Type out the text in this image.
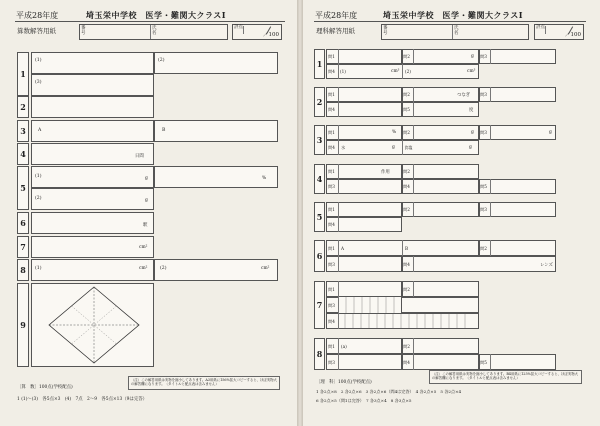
平成28年度	埼玉栄中学校　医学・難関大クラスⅠ
算数解答用紙	番号
氏名
評点
／100
1
(1)	(2)
(3)
2
3	A	B
4	日間
5
(1)	g	%
(2)	g
駅
6
7	cm²
8	(1)	cm²	(2)	cm²
9
（注）この解答用紙は実物を縮小してあります。A3用紙に156%拡大コピーすると、ほぼ実物大の解答欄になります。（タイトルと配点表は含みません）
〔算　数〕100点(学校配点)
1 (1)～(3)　各5点×3　(4)　7点　2～9　各5点×13（9は完答）
平成28年度	埼玉栄中学校　医学・難関大クラスⅠ
理科解答用紙	番号
氏名
評点
／100
1
問1	問2	g 問3
問4 (1)	cm³ (2)	cm³
2
問1	問2	つなぎ 問3
問4	問5	度
3
問1	% 問2	g 問3	g
問4 水	g 食塩	g
4
問1	作用	問2
問3	問4	問5
5
問1	問2	問3
問4
6
問1 A	B	問2
問3	問4	レンズ
7
問1	問2
問3
問4
8
問1 (a)	問2
問3	問4	問5
（注）この解答用紙は実物を縮小してあります。B4用紙に125%拡大コピーすると、ほぼ実物大の解答欄になります。（タイトルと配点表は含みません）
〔理　科〕100点(学校配点)
1 各2点×8　2 各2点×6　3 各2点×6（問4は完答）　4 各2点×5　5 各2点×4
6 各2点×5（問1は完答）　7 各3点×4　8 各3点×5
